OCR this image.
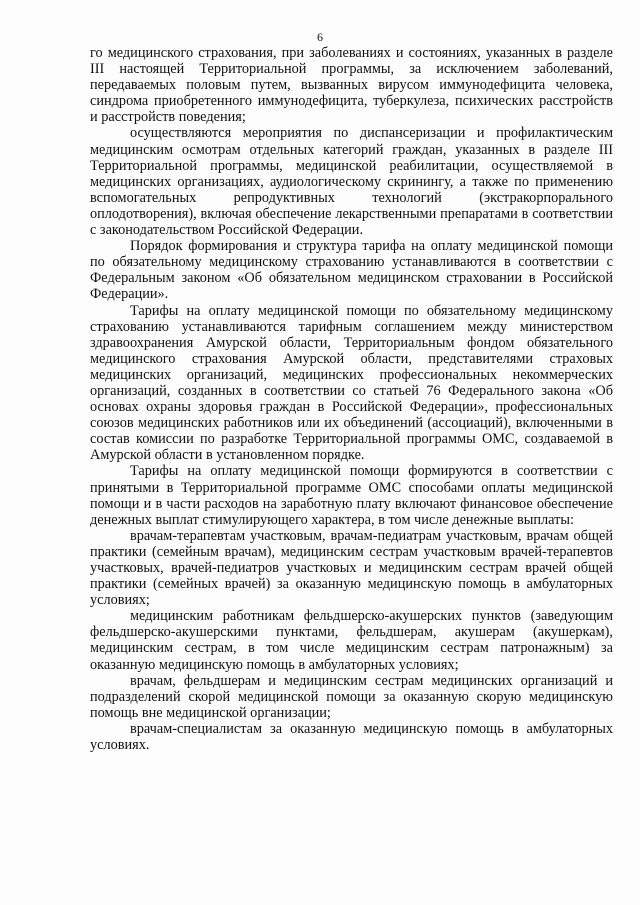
6

го медицинского страхования, при заболеваниях и состояниях, указанных в разделе III настоящей Территориальной программы, за исключением заболеваний, передаваемых половым путем, вызванных вирусом иммунодефицита человека, синдрома приобретенного иммунодефицита, туберкулеза, психических расстройств и расстройств поведения;

осуществляются мероприятия по диспансеризации и профилактическим медицинским осмотрам отдельных категорий граждан, указанных в разделе III Территориальной программы, медицинской реабилитации, осуществляемой в медицинских организациях, аудиологическому скринингу, а также по применению вспомогательных репродуктивных технологий (экстракорпорального оплодотворения), включая обеспечение лекарственными препаратами в соответствии с законодательством Российской Федерации.

Порядок формирования и структура тарифа на оплату медицинской помощи по обязательному медицинскому страхованию устанавливаются в соответствии с Федеральным законом «Об обязательном медицинском страховании в Российской Федерации».

Тарифы на оплату медицинской помощи по обязательному медицинскому страхованию устанавливаются тарифным соглашением между министерством здравоохранения Амурской области, Территориальным фондом обязательного медицинского страхования Амурской области, представителями страховых медицинских организаций, медицинских профессиональных некоммерческих организаций, созданных в соответствии со статьей 76 Федерального закона «Об основах охраны здоровья граждан в Российской Федерации», профессиональных союзов медицинских работников или их объединений (ассоциаций), включенными в состав комиссии по разработке Территориальной программы ОМС, создаваемой в Амурской области в установленном порядке.

Тарифы на оплату медицинской помощи формируются в соответствии с принятыми в Территориальной программе ОМС способами оплаты медицинской помощи и в части расходов на заработную плату включают финансовое обеспечение денежных выплат стимулирующего характера, в том числе денежные выплаты:

врачам-терапевтам участковым, врачам-педиатрам участковым, врачам общей практики (семейным врачам), медицинским сестрам участковым врачей-терапевтов участковых, врачей-педиатров участковых и медицинским сестрам врачей общей практики (семейных врачей) за оказанную медицинскую помощь в амбулаторных условиях;

медицинским работникам фельдшерско-акушерских пунктов (заведующим фельдшерско-акушерскими пунктами, фельдшерам, акушерам (акушеркам), медицинским сестрам, в том числе медицинским сестрам патронажным) за оказанную медицинскую помощь в амбулаторных условиях;

врачам, фельдшерам и медицинским сестрам медицинских организаций и подразделений скорой медицинской помощи за оказанную скорую медицинскую помощь вне медицинской организации;

врачам-специалистам за оказанную медицинскую помощь в амбулаторных условиях.
